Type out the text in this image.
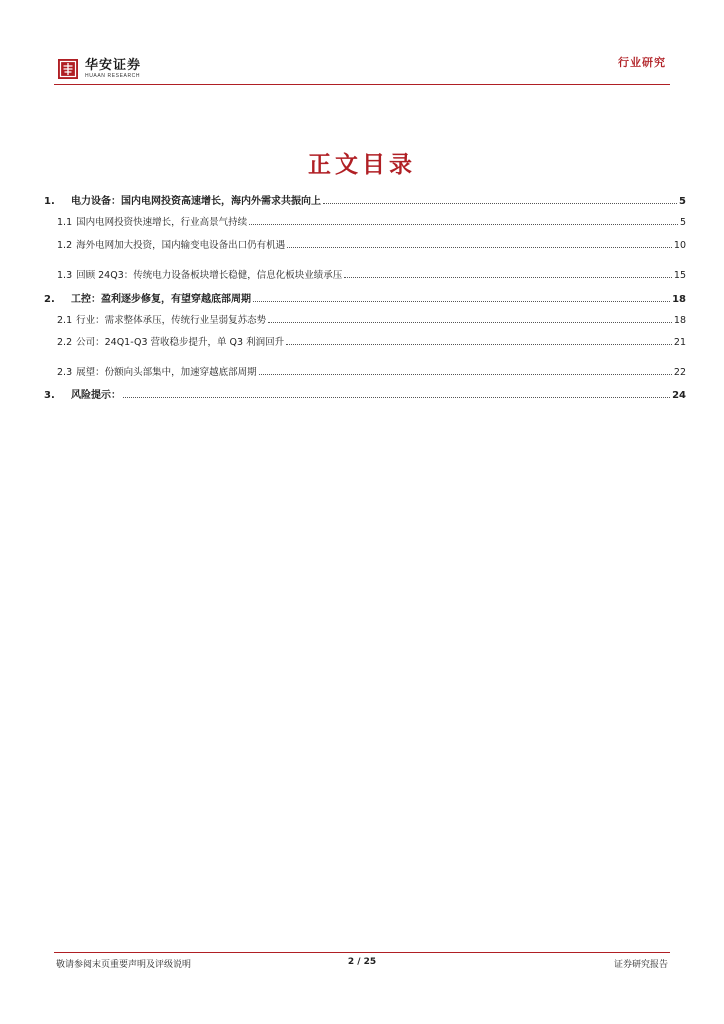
华安证券
HUAAN RESEARCH
行业研究
正文目录
1.	电力设备：国内电网投资高速增长，海内外需求共振向上	5
1.1 国内电网投资快速增长，行业高景气持续	5
1.2 海外电网加大投资，国内输变电设备出口仍有机遇	10
1.3 回顾 24Q3：传统电力设备板块增长稳健，信息化板块业绩承压	15
2.	工控：盈利逐步修复，有望穿越底部周期	18
2.1 行业：需求整体承压，传统行业呈弱复苏态势	18
2.2 公司：24Q1-Q3 营收稳步提升，单 Q3 利润回升	21
2.3 展望：份额向头部集中，加速穿越底部周期	22
3.	风险提示：	24
敬请参阅末页重要声明及评级说明	2 / 25	证券研究报告
